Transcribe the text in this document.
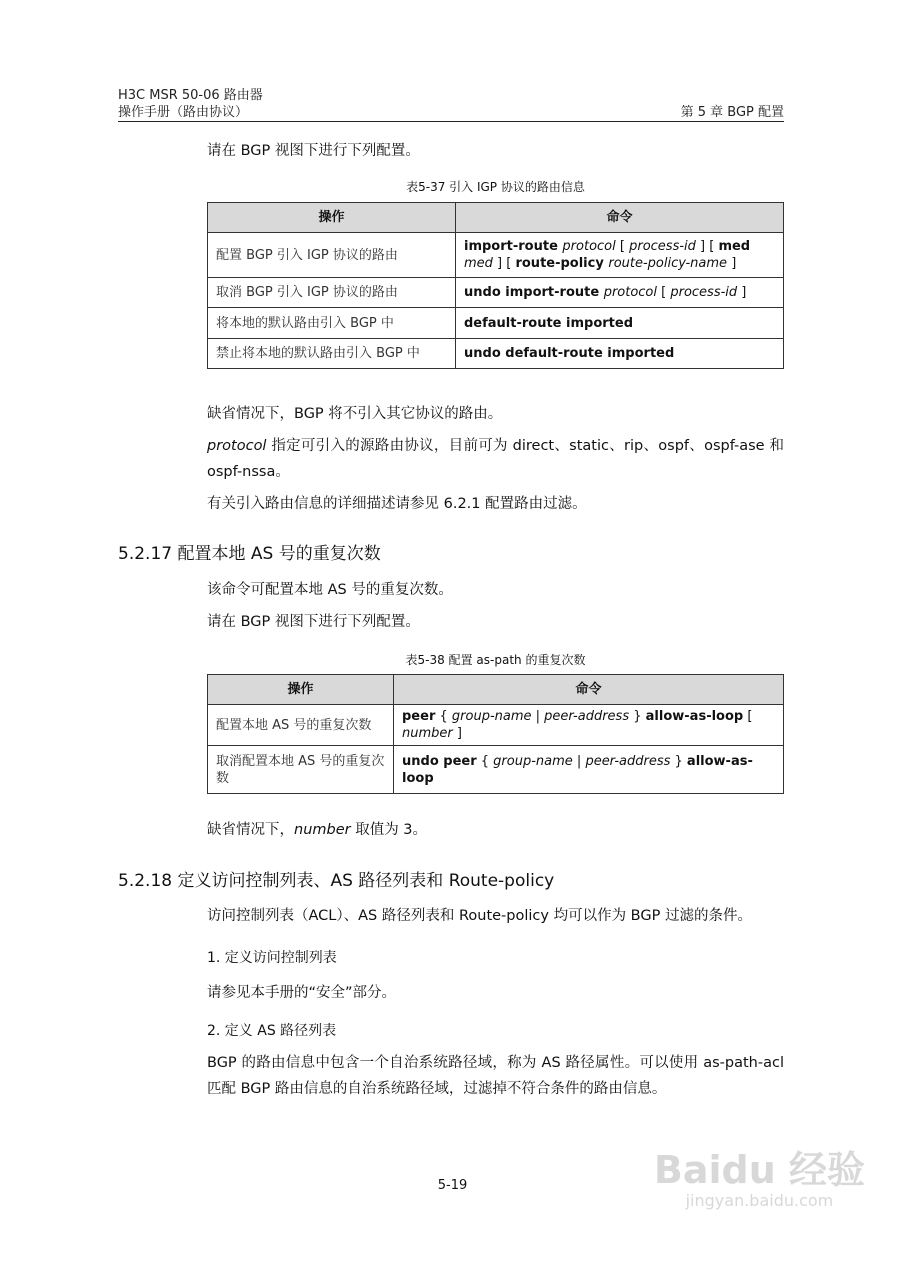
H3C MSR 50-06 路由器
操作手册（路由协议）	第 5 章 BGP 配置
请在 BGP 视图下进行下列配置。
表5-37 引入 IGP 协议的路由信息
操作	命令
配置 BGP 引入 IGP 协议的路由	import-route protocol [ process-id ] [ med med ] [ route-policy route-policy-name ]
取消 BGP 引入 IGP 协议的路由	undo import-route protocol [ process-id ]
将本地的默认路由引入 BGP 中	default-route imported
禁止将本地的默认路由引入 BGP 中	undo default-route imported
缺省情况下，BGP 将不引入其它协议的路由。
protocol 指定可引入的源路由协议，目前可为 direct、static、rip、ospf、ospf-ase 和 ospf-nssa。
有关引入路由信息的详细描述请参见 6.2.1 配置路由过滤。
5.2.17 配置本地 AS 号的重复次数
该命令可配置本地 AS 号的重复次数。
请在 BGP 视图下进行下列配置。
表5-38 配置 as-path 的重复次数
操作	命令
配置本地 AS 号的重复次数	peer { group-name | peer-address } allow-as-loop [ number ]
取消配置本地 AS 号的重复次数	undo peer { group-name | peer-address } allow-as-loop
缺省情况下，number 取值为 3。
5.2.18 定义访问控制列表、AS 路径列表和 Route-policy
访问控制列表（ACL）、AS 路径列表和 Route-policy 均可以作为 BGP 过滤的条件。
1. 定义访问控制列表
请参见本手册的“安全”部分。
2. 定义 AS 路径列表
BGP 的路由信息中包含一个自治系统路径域，称为 AS 路径属性。可以使用 as-path-acl 匹配 BGP 路由信息的自治系统路径域，过滤掉不符合条件的路由信息。
5-19	Baidu 经验
jingyan.baidu.com
